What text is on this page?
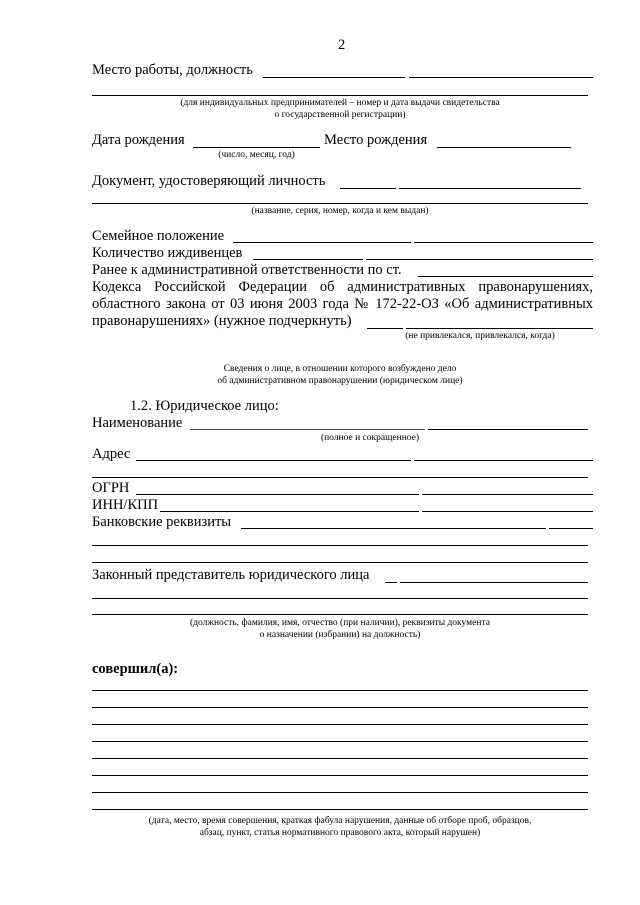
2
Место работы, должность
(для индивидуальных предпринимателей – номер и дата выдачи свидетельства
о государственной регистрации)
Дата рождения
(число, месяц, год)
Место рождения
Документ, удостоверяющий личность
(название, серия, номер, когда и кем выдан)
Семейное положение
Количество иждивенцев
Ранее к административной ответственности по ст.
Кодекса Российской Федерации об административных правонарушениях,
областного закона от 03 июня 2003 года № 172-22-ОЗ «Об административных
правонарушениях» (нужное подчеркнуть)
(не привлекался, привлекался, когда)
Сведения о лице, в отношении которого возбуждено дело
об административном правонарушении (юридическом лице)
1.2. Юридическое лицо:
Наименование
(полное и сокращенное)
Адрес
ОГРН
ИНН/КПП
Банковские реквизиты
Законный представитель юридического лица
(должность, фамилия, имя, отчество (при наличии), реквизиты документа
о назначении (избрании) на должность)
совершил(а):
(дата, место, время совершения, краткая фабула нарушения, данные об отборе проб, образцов,
абзац, пункт, статья нормативного правового акта, который нарушен)
